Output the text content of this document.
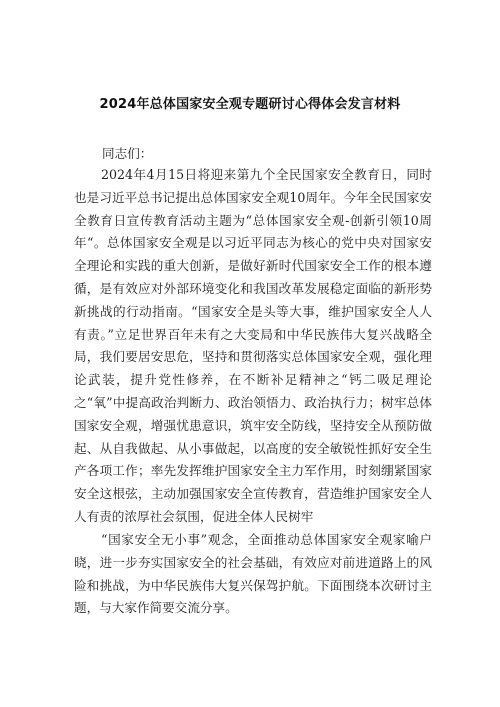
2024年总体国家安全观专题研讨心得体会发言材料
同志们：
2024年4月15日将迎来第九个全民国家安全教育日，同时也是习近平总书记提出总体国家安全观10周年。今年全民国家安全教育日宣传教育活动主题为“总体国家安全观-创新引领10周年“。总体国家安全观是以习近平同志为核心的党中央对国家安全理论和实践的重大创新，是做好新时代国家安全工作的根本遵循，是有效应对外部环境变化和我国改革发展稳定面临的新形势新挑战的行动指南。“国家安全是头等大事，维护国家安全人人有责。”立足世界百年未有之大变局和中华民族伟大复兴战略全局，我们要居安思危，坚持和贯彻落实总体国家安全观，强化理论武装，提升党性修养，在不断补足精神之“钙二吸足理论之“氧”中提高政治判断力、政治领悟力、政治执行力；树牢总体国家安全观，增强忧患意识，筑牢安全防线，坚持安全从预防做起、从自我做起、从小事做起，以高度的安全敏锐性抓好安全生产各项工作；率先发挥维护国家安全主力军作用，时刻绷紧国家安全这根弦，主动加强国家安全宣传教育，营造维护国家安全人人有责的浓厚社会氛围，促进全体人民树牢
“国家安全无小事”观念，全面推动总体国家安全观家喻户晓，进一步夯实国家安全的社会基础，有效应对前进道路上的风险和挑战，为中华民族伟大复兴保驾护航。下面围绕本次研讨主题，与大家作简要交流分享。
